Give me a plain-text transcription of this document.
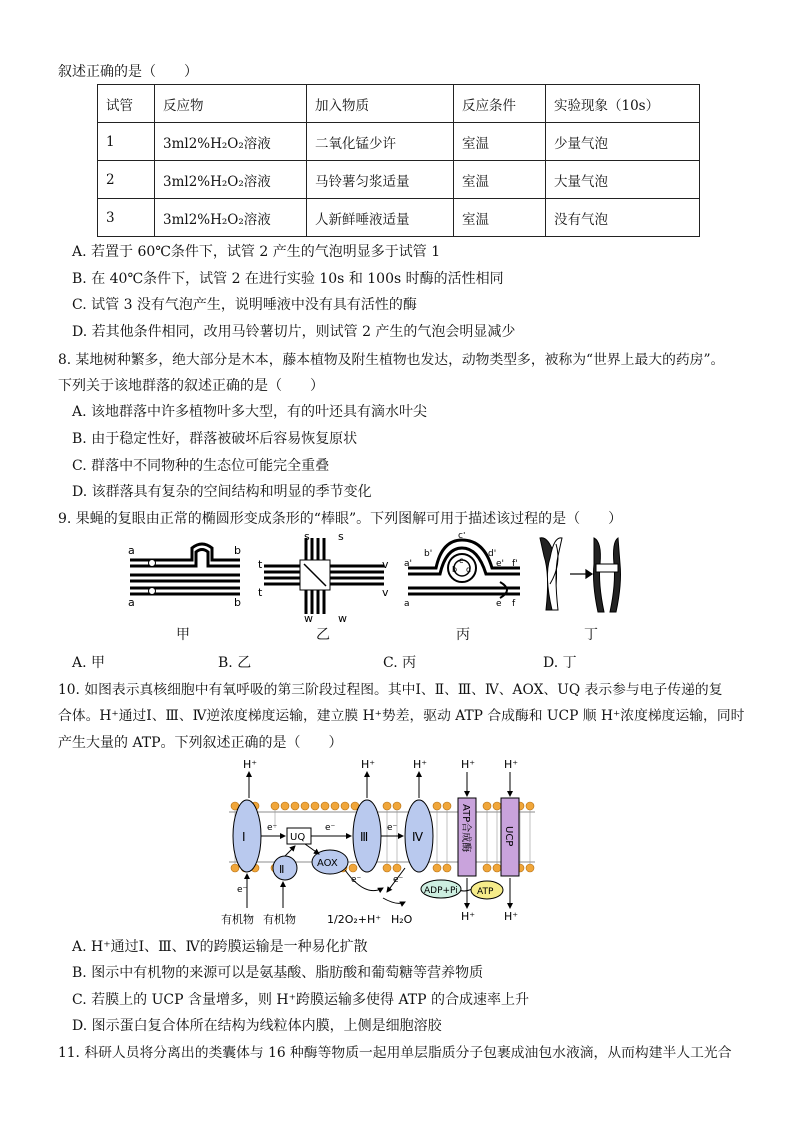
叙述正确的是（　　）
试管	反应物	加入物质	反应条件	实验现象（10s）
1	3ml2%H₂O₂溶液	二氧化锰少许	室温	少量气泡
2	3ml2%H₂O₂溶液	马铃薯匀浆适量	室温	大量气泡
3	3ml2%H₂O₂溶液	人新鲜唾液适量	室温	没有气泡
A. 若置于 60℃条件下，试管 2 产生的气泡明显多于试管 1
B. 在 40℃条件下，试管 2 在进行实验 10s 和 100s 时酶的活性相同
C. 试管 3 没有气泡产生，说明唾液中没有具有活性的酶
D. 若其他条件相同，改用马铃薯切片，则试管 2 产生的气泡会明显减少
8. 某地树种繁多，绝大部分是木本，藤本植物及附生植物也发达，动物类型多，被称为“世界上最大的药房”。
下列关于该地群落的叙述正确的是（　　）
A. 该地群落中许多植物叶多大型，有的叶还具有滴水叶尖
B. 由于稳定性好，群落被破坏后容易恢复原状
C. 群落中不同物种的生态位可能完全重叠
D. 该群落具有复杂的空间结构和明显的季节变化
9. 果蝇的复眼由正常的椭圆形变成条形的“棒眼”。下列图解可用于描述该过程的是（　　）
a	b
a	b
甲
s	s
t
t
v
v
w w
乙
c'
b'	d'
a'	e' f'
c
b d
a	e f
丙	丁
A. 甲	B. 乙	C. 丙	D. 丁
10. 如图表示真核细胞中有氧呼吸的第三阶段过程图。其中Ⅰ、Ⅱ、Ⅲ、Ⅳ、AOX、UQ 表示参与电子传递的复
合体。H⁺通过Ⅰ、Ⅲ、Ⅳ逆浓度梯度运输，建立膜 H⁺势差，驱动 ATP 合成酶和 UCP 顺 H⁺浓度梯度运输，同时
产生大量的 ATP。下列叙述正确的是（　　）
Ⅰ
Ⅱ
UQ
AOX
Ⅲ	Ⅳ	ATP合成酶	UCP
H⁺	H⁺	H⁺	H⁺	H⁺
H⁺	H⁺
e⁻	e⁻	e⁻
e⁻
e⁻	e⁻
ADP+Pi ATP
有机物 有机物	1/2O₂+H⁺ H₂O
A. H⁺通过Ⅰ、Ⅲ、Ⅳ的跨膜运输是一种易化扩散
B. 图示中有机物的来源可以是氨基酸、脂肪酸和葡萄糖等营养物质
C. 若膜上的 UCP 含量增多，则 H⁺跨膜运输多使得 ATP 的合成速率上升
D. 图示蛋白复合体所在结构为线粒体内膜，上侧是细胞溶胶
11. 科研人员将分离出的类囊体与 16 种酶等物质一起用单层脂质分子包裹成油包水液滴，从而构建半人工光合
